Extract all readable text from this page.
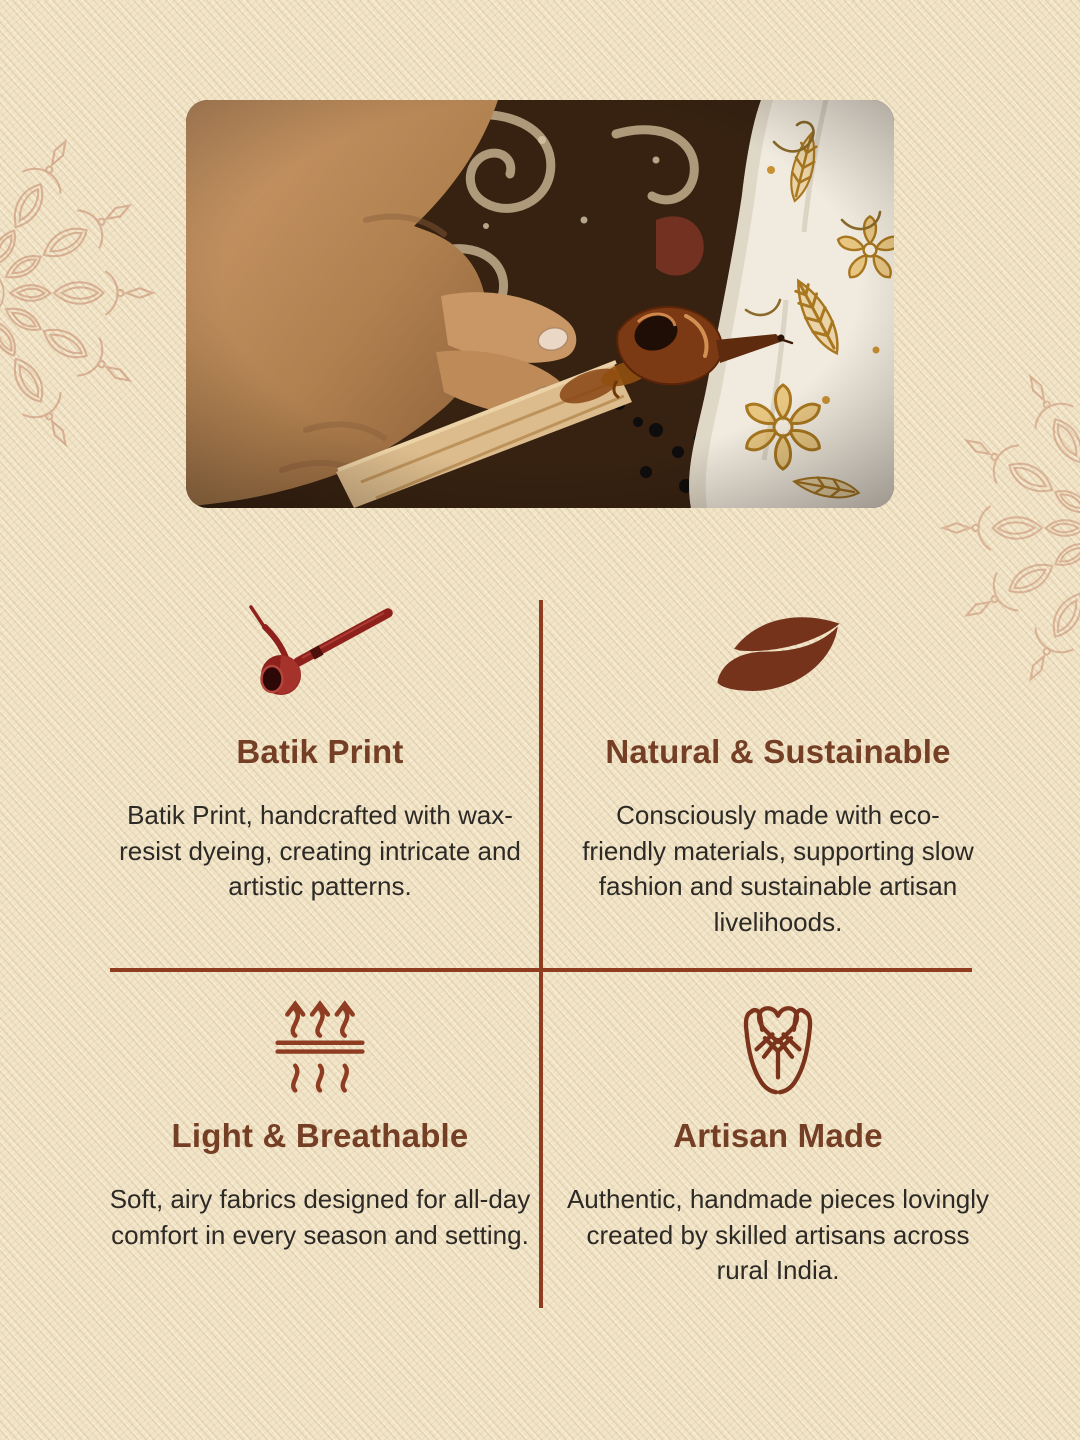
Batik Print

Batik Print, handcrafted with wax-resist dyeing, creating intricate and artistic patterns.

Natural & Sustainable

Consciously made with eco-friendly materials, supporting slow fashion and sustainable artisan livelihoods.

Light & Breathable

Soft, airy fabrics designed for all-day comfort in every season and setting.

Artisan Made

Authentic, handmade pieces lovingly created by skilled artisans across rural India.
